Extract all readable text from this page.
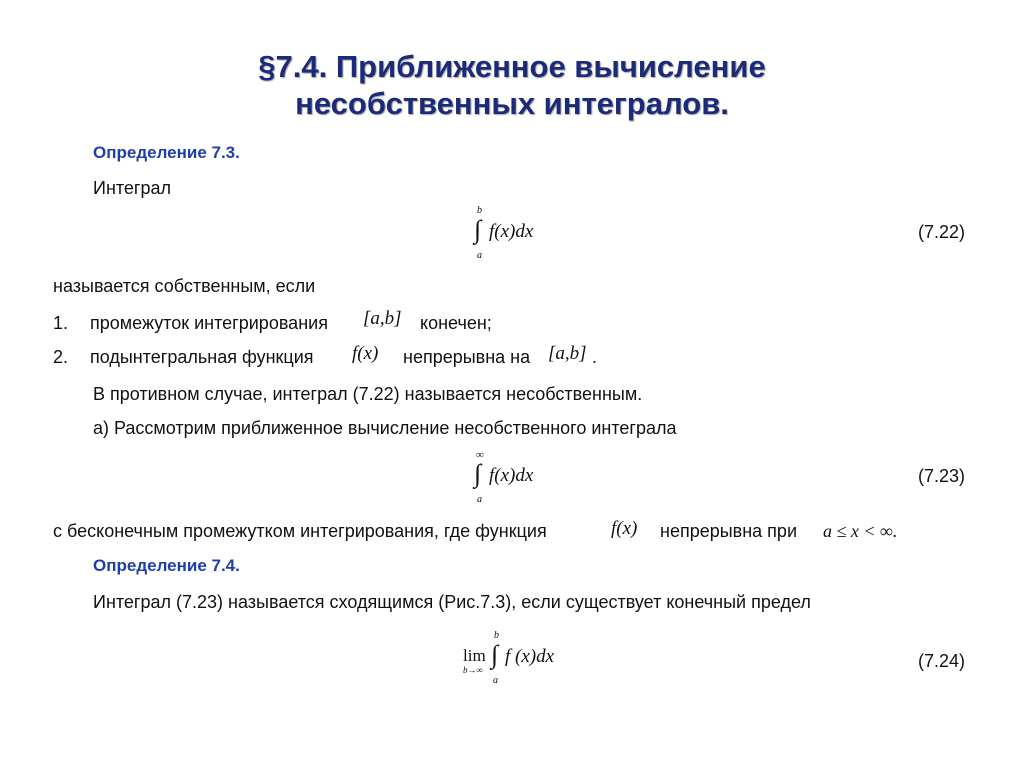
§7.4. Приближенное вычисление
несобственных интегралов.
Определение 7.3.
Интеграл
b
∫
a
f(x)dx	(7.22)
называется собственным, если
1. промежуток интегрирования [a,b] конечен;
2. подынтегральная функция f(x) непрерывна на [a,b] .
В противном случае, интеграл (7.22) называется несобственным.
а) Рассмотрим приближенное вычисление несобственного интеграла
∞
∫
a
f(x)dx	(7.23)
с бесконечным промежутком интегрирования, где функция	f(x) непрерывна при a ≤ x < ∞.
Определение 7.4.
Интеграл (7.23) называется сходящимся (Рис.7.3), если существует конечный предел
lim
b→∞
b
∫
a
f (x)dx	(7.24)
